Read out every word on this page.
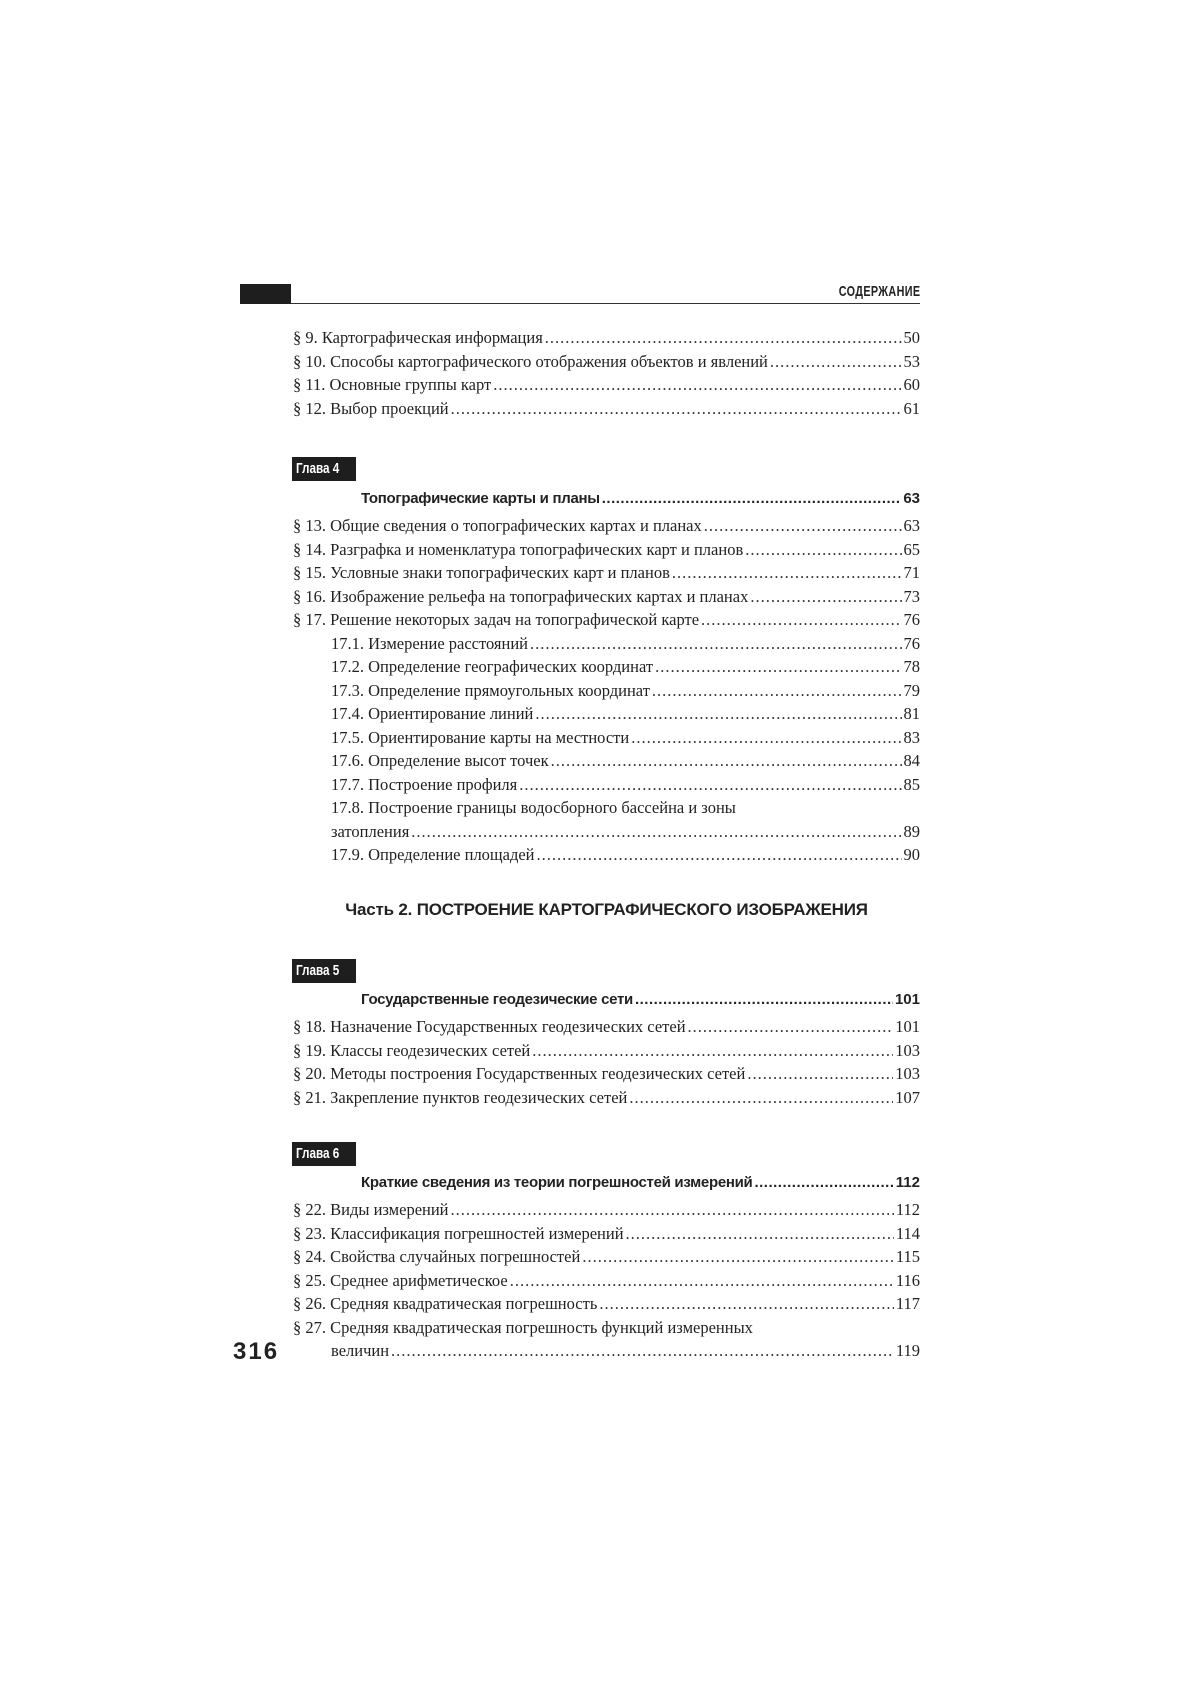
СОДЕРЖАНИЕ
§ 9. Картографическая информация .....	50
§ 10. Способы картографического отображения объектов и явлений .....	53
§ 11. Основные группы карт .....	60
§ 12. Выбор проекций .....	61
Глава 4
Топографические карты и планы .....	63
§ 13. Общие сведения о топографических картах и планах .....	63
§ 14. Разграфка и номенклатура топографических карт и планов .....	65
§ 15. Условные знаки топографических карт и планов .....	71
§ 16. Изображение рельефа на топографических картах и планах .....	73
§ 17. Решение некоторых задач на топографической карте .....	76
17.1. Измерение расстояний .....	76
17.2. Определение географических координат .....	78
17.3. Определение прямоугольных координат .....	79
17.4. Ориентирование линий .....	81
17.5. Ориентирование карты на местности .....	83
17.6. Определение высот точек .....	84
17.7. Построение профиля .....	85
17.8. Построение границы водосборного бассейна и зоны
затопления .....	89
17.9. Определение площадей .....	90
Часть 2. ПОСТРОЕНИЕ КАРТОГРАФИЧЕСКОГО ИЗОБРАЖЕНИЯ
Глава 5
Государственные геодезические сети .....	101
§ 18. Назначение Государственных геодезических сетей .....	101
§ 19. Классы геодезических сетей .....	103
§ 20. Методы построения Государственных геодезических сетей .....	103
§ 21. Закрепление пунктов геодезических сетей .....	107
Глава 6
Краткие сведения из теории погрешностей измерений .....	112
§ 22. Виды измерений .....	112
§ 23. Классификация погрешностей измерений .....	114
§ 24. Свойства случайных погрешностей .....	115
§ 25. Среднее арифметическое .....	116
§ 26. Средняя квадратическая погрешность .....	117
§ 27. Средняя квадратическая погрешность функций измеренных
величин .....	119
316
